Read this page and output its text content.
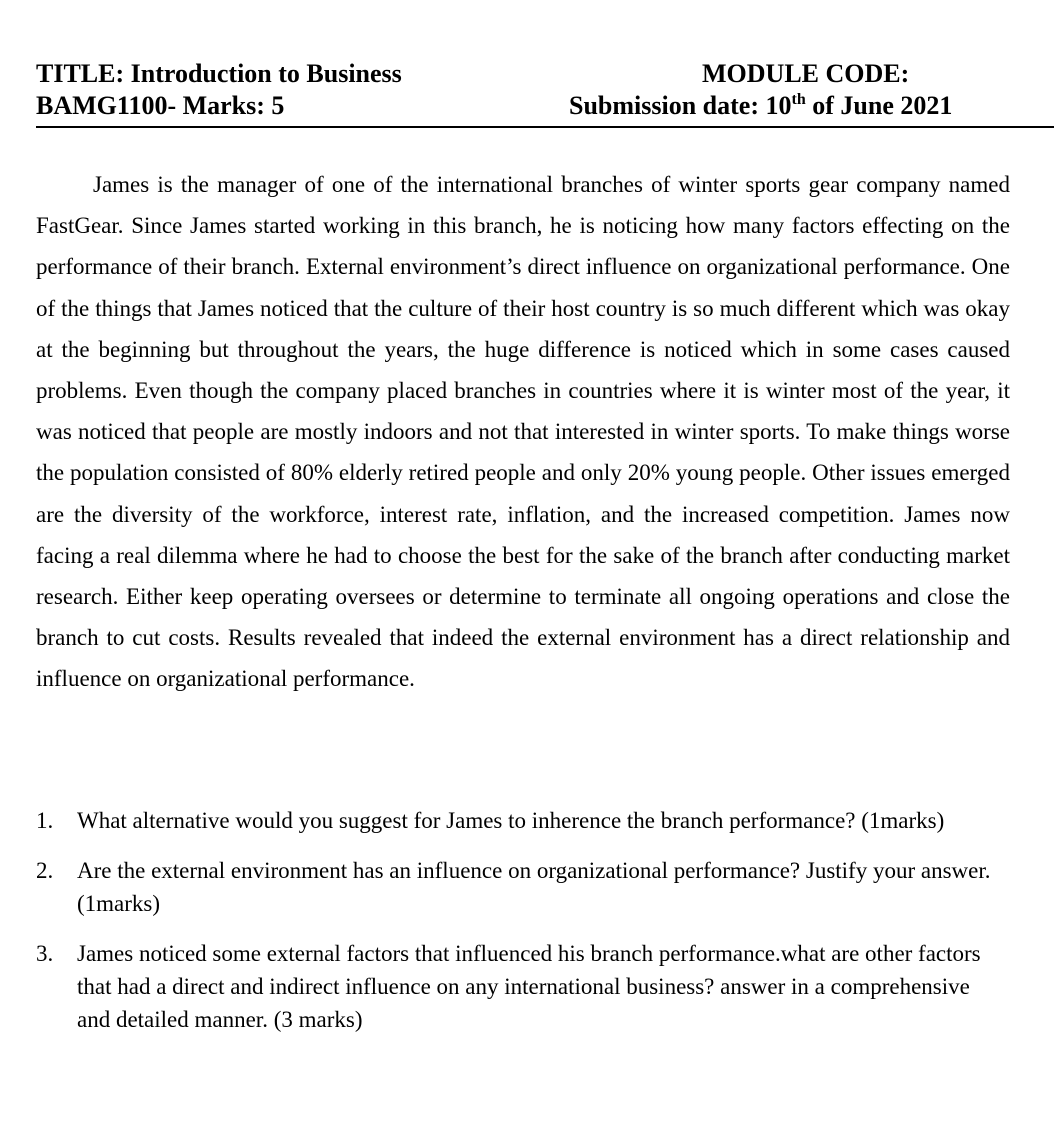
TITLE: Introduction to Business
BAMG1100- Marks: 5
MODULE CODE:
Submission date: 10th of June 2021

James is the manager of one of the international branches of winter sports gear company named FastGear. Since James started working in this branch, he is noticing how many factors effecting on the performance of their branch. External environment’s direct influence on organizational performance. One of the things that James noticed that the culture of their host country is so much different which was okay at the beginning but throughout the years, the huge difference is noticed which in some cases caused problems. Even though the company placed branches in countries where it is winter most of the year, it was noticed that people are mostly indoors and not that interested in winter sports. To make things worse the population consisted of 80% elderly retired people and only 20% young people. Other issues emerged are the diversity of the workforce, interest rate, inflation, and the increased competition. James now facing a real dilemma where he had to choose the best for the sake of the branch after conducting market research. Either keep operating oversees or determine to terminate all ongoing operations and close the branch to cut costs. Results revealed that indeed the external environment has a direct relationship and influence on organizational performance.

1. What alternative would you suggest for James to inherence the branch performance? (1marks)
2. Are the external environment has an influence on organizational performance? Justify your answer. (1marks)
3. James noticed some external factors that influenced his branch performance.what are other factors that had a direct and indirect influence on any international business? answer in a comprehensive and detailed manner. (3 marks)
